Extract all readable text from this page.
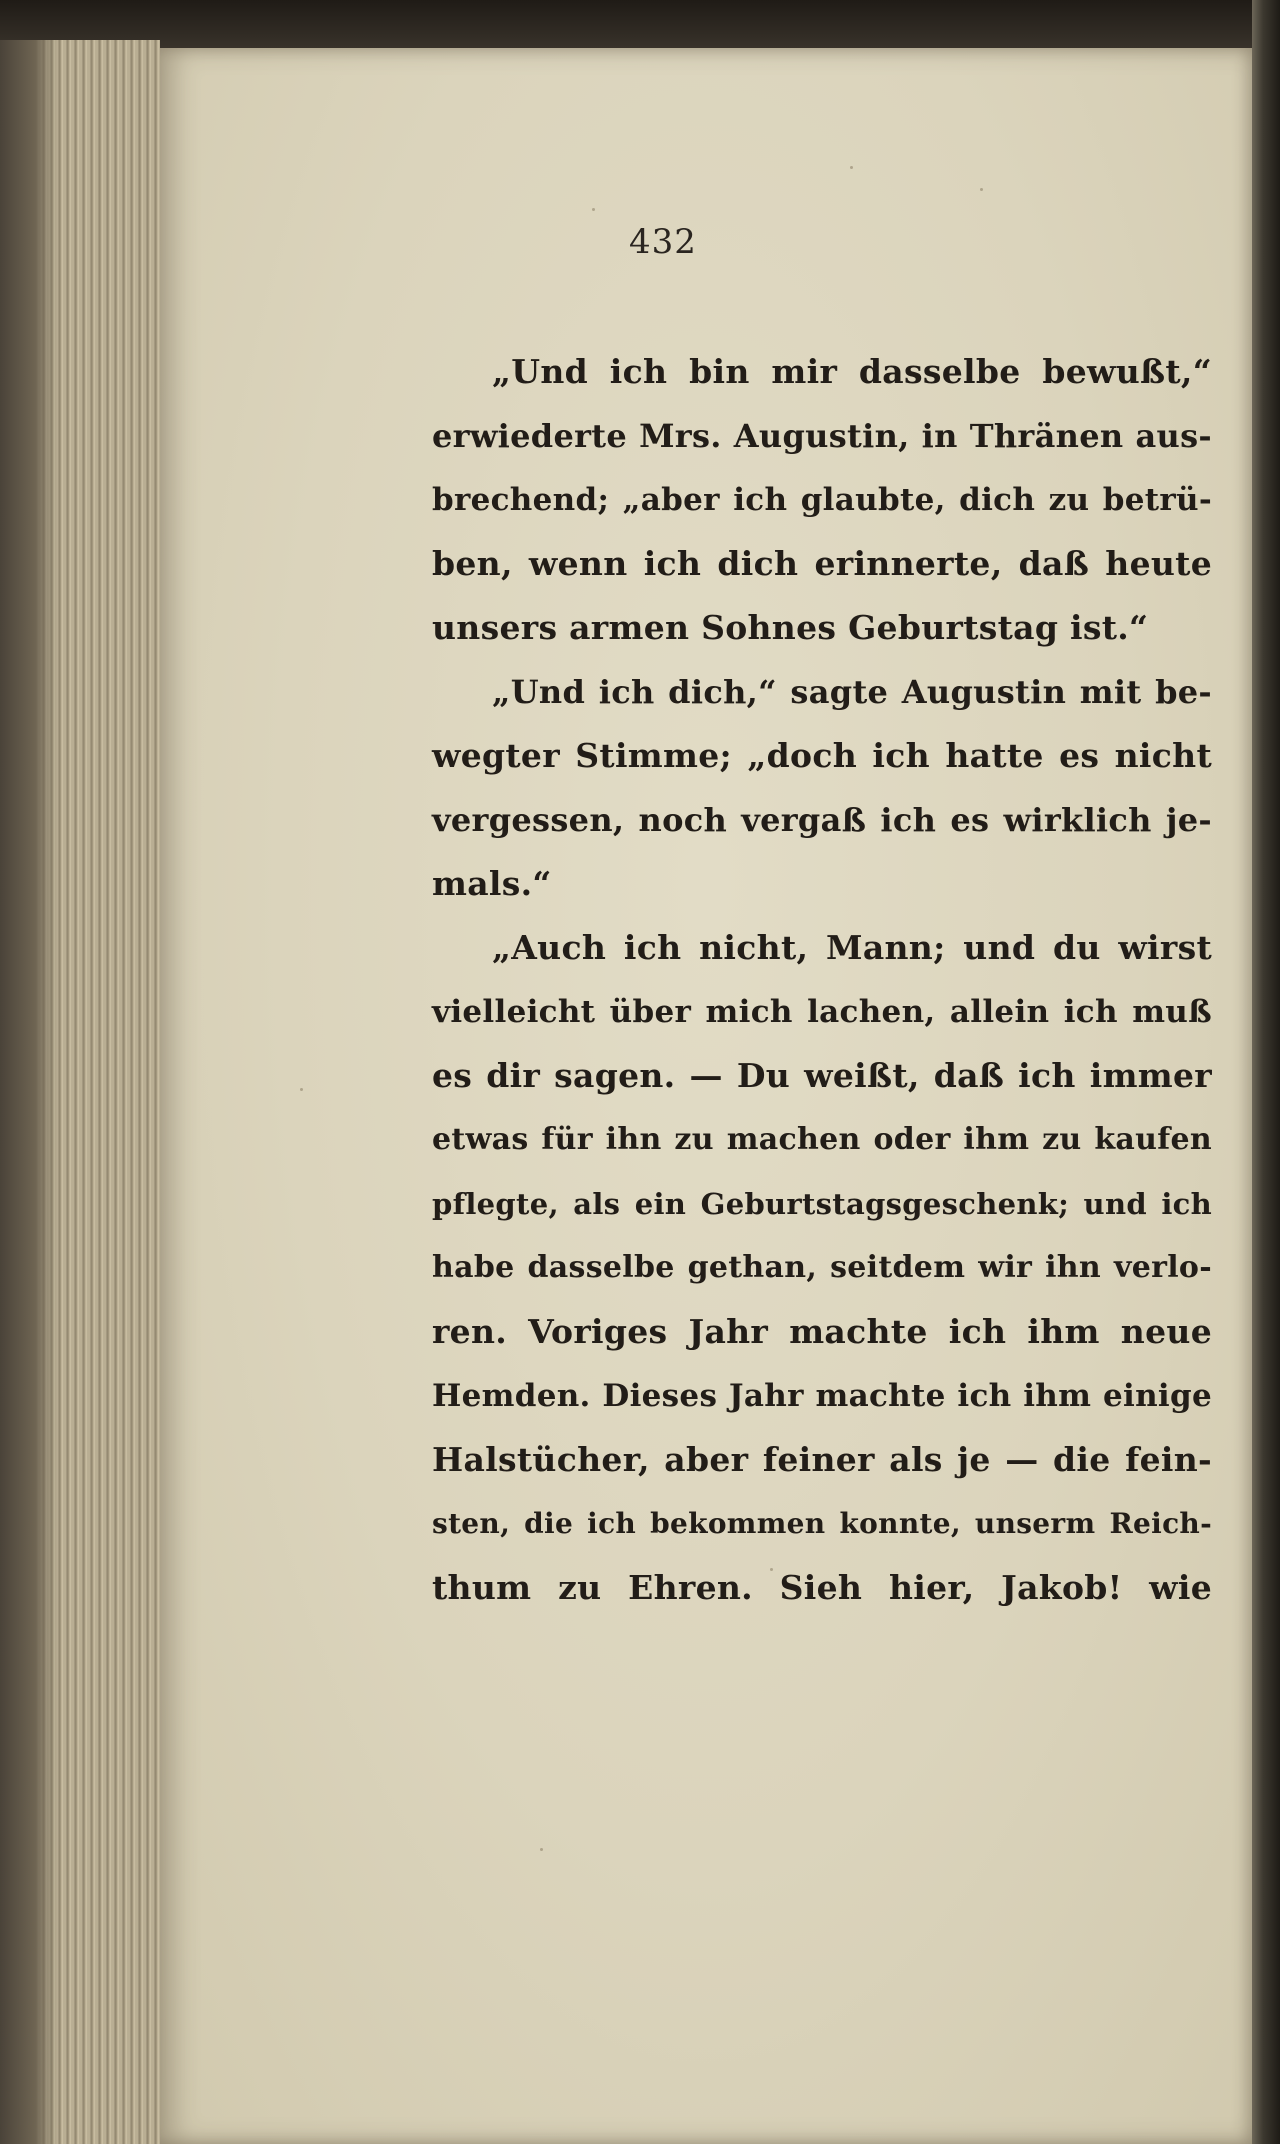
432
„Und ich bin mir dasselbe bewußt,“
erwiederte Mrs. Augustin, in Thränen aus-
brechend; „aber ich glaubte, dich zu betrü-
ben, wenn ich dich erinnerte, daß heute
unsers armen Sohnes Geburtstag ist.“
„Und ich dich,“ sagte Augustin mit be-
wegter Stimme; „doch ich hatte es nicht
vergessen, noch vergaß ich es wirklich je-
mals.“
„Auch ich nicht, Mann; und du wirst
vielleicht über mich lachen, allein ich muß
es dir sagen. — Du weißt, daß ich immer
etwas für ihn zu machen oder ihm zu kaufen
pflegte, als ein Geburtstagsgeschenk; und ich
habe dasselbe gethan, seitdem wir ihn verlo-
ren. Voriges Jahr machte ich ihm neue
Hemden. Dieses Jahr machte ich ihm einige
Halstücher, aber feiner als je — die fein-
sten, die ich bekommen konnte, unserm Reich-
thum zu Ehren. Sieh hier, Jakob! wie
